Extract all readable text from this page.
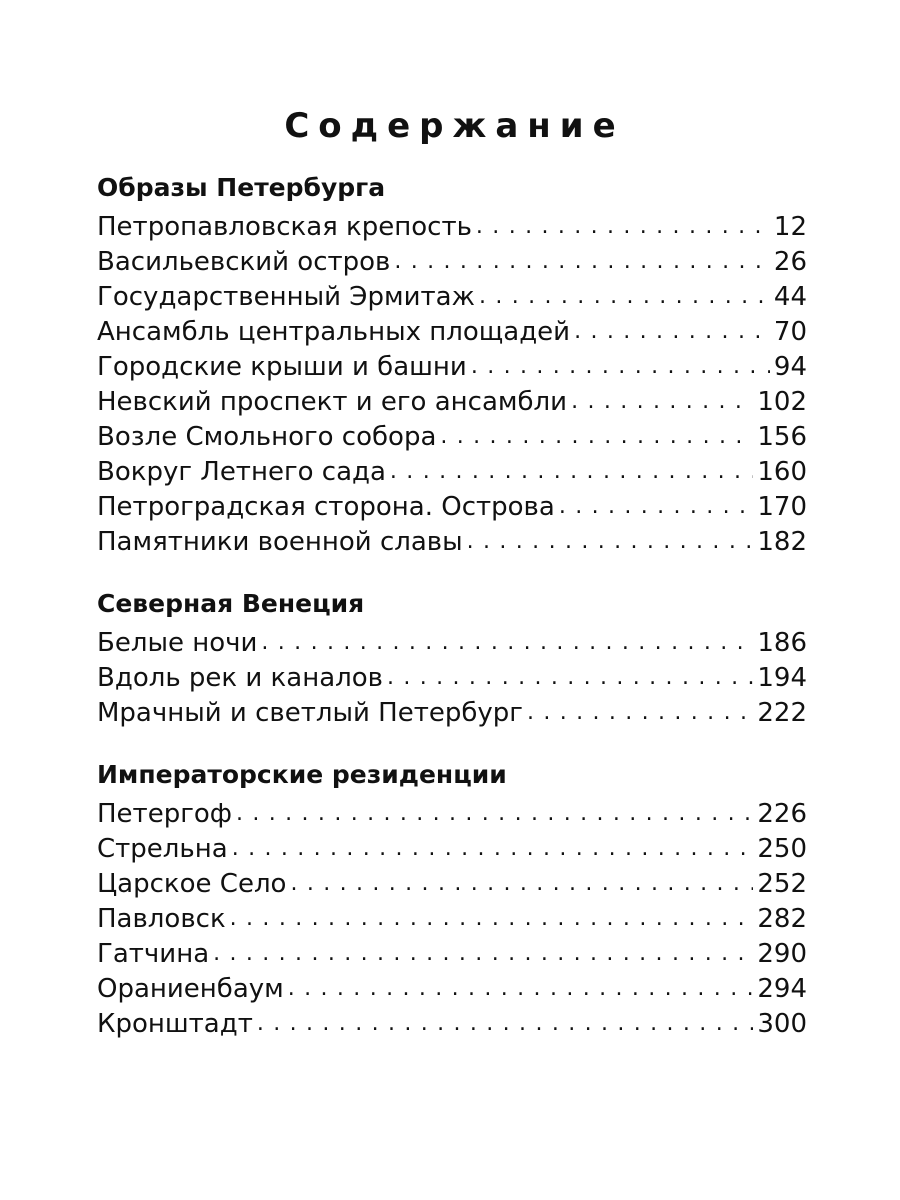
Содержание
Образы Петербурга
Петропавловская крепость . . .	12
Васильевский остров . . .	26
Государственный Эрмитаж . . .	44
Ансамбль центральных площадей . . .	70
Городские крыши и башни . . .	94
Невский проспект и его ансамбли . . .	102
Возле Смольного собора . . .	156
Вокруг Летнего сада . . .	160
Петроградская сторона. Острова . . .	170
Памятники военной славы . . .	182
Северная Венеция
Белые ночи . . .	186
Вдоль рек и каналов . . .	194
Мрачный и светлый Петербург . . .	222
Императорские резиденции
Петергоф . . .	226
Стрельна . . .	250
Царское Село . . .	252
Павловск . . .	282
Гатчина . . .	290
Ораниенбаум . . .	294
Кронштадт . . .	300
